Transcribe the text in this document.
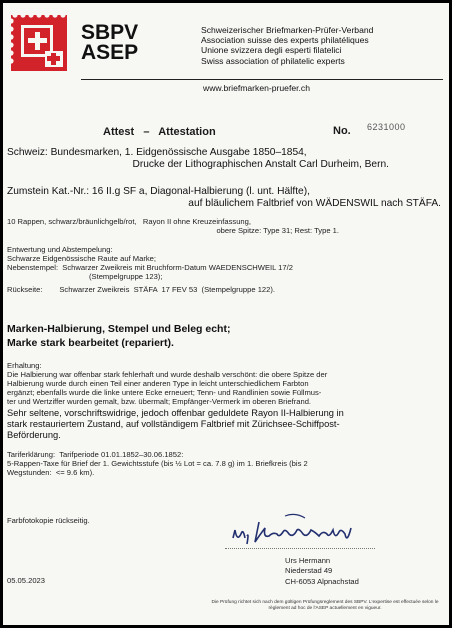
SBPV
ASEP
Schweizerischer Briefmarken-Prüfer-Verband
Association suisse des experts philatéliques
Unione svizzera degli esperti filatelici
Swiss association of philatelic experts
www.briefmarken-pruefer.ch
Attest   –   Attestation	No. 6231000
Schweiz: Bundesmarken, 1. Eidgenössische Ausgabe 1850–1854,
Drucke der Lithographischen Anstalt Carl Durheim, Bern.
Zumstein Kat.-Nr.: 16 II.g SF a, Diagonal-Halbierung (l. unt. Hälfte),
auf bläulichem Faltbrief von WÄDENSWIL nach STÄFA.
10 Rappen, schwarz/bräunlichgelb/rot,   Rayon II ohne Kreuzeinfassung,
obere Spitze: Type 31; Rest: Type 1.
Entwertung und Abstempelung:
Schwarze Eidgenössische Raute auf Marke;
Nebenstempel:  Schwarzer Zweikreis mit Bruchform-Datum WAEDENSCHWEIL 17/2
(Stempelgruppe 123);
Rückseite:        Schwarzer Zweikreis  STÄFA  17 FEV 53  (Stempelgruppe 122).
Marken-Halbierung, Stempel und Beleg echt;
Marke stark bearbeitet (repariert).
Erhaltung:
Die Halbierung war offenbar stark fehlerhaft und wurde deshalb verschönt: die obere Spitze der
Halbierung wurde durch einen Teil einer anderen Type in leicht unterschiedlichem Farbton
ergänzt; ebenfalls wurde die linke untere Ecke erneuert; Tenn- und Randlinien sowie Füllmus-
ter und Wertziffer wurden gemalt, bzw. übermalt; Empfänger-Vermerk im oberen Briefrand.
Sehr seltene, vorschriftswidrige, jedoch offenbar geduldete Rayon II-Halbierung in
stark restauriertem Zustand, auf vollständigem Faltbrief mit Zürichsee-Schiffpost-
Beförderung.
Tariferklärung:  Tarifperiode 01.01.1852–30.06.1852:
5-Rappen-Taxe für Brief der 1. Gewichtsstufe (bis ½ Lot = ca. 7.8 g) im 1. Briefkreis (bis 2
Wegstunden:  <= 9.6 km).
Farbfotokopie rückseitig.
Urs Hermann
Niederstad 49
CH-6053 Alpnachstad
05.05.2023
Die Prüfung richtet sich nach dem gültigen Prüfungsreglement des SBPV. L'expertise est effectuée selon le règlement ad hoc de l'ASEP actuellement en vigueur.
